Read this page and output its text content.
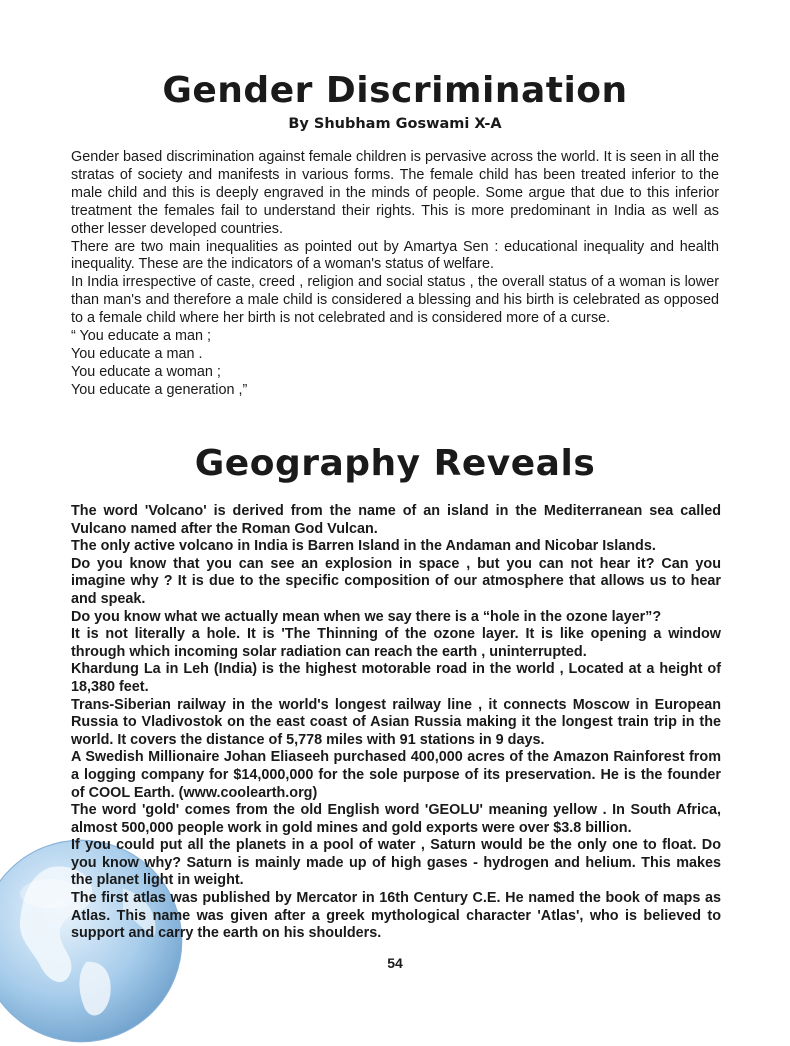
Gender Discrimination
By Shubham Goswami X-A

Gender based discrimination against female children is pervasive across the world. It is seen in all the stratas of society and manifests in various forms. The female child has been treated inferior to the male child and this is deeply engraved in the minds of people. Some argue that due to this inferior treatment the females fail to understand their rights. This is more predominant in India as well as other lesser developed countries.

There are two main inequalities as pointed out by Amartya Sen : educational inequality and health inequality. These are the indicators of a woman's status of welfare.

In India irrespective of caste, creed , religion and social status , the overall status of a woman is lower than man's and therefore a male child is considered a blessing and his birth is celebrated as opposed to a female child where her birth is not celebrated and is considered more of a curse.

“ You educate a man ;

You educate a man .

You educate a woman ;

You educate a generation ,”

Geography Reveals

The word 'Volcano' is derived from the name of an island in the Mediterranean sea called Vulcano named after the Roman God Vulcan.

The only active volcano in India is Barren Island in the Andaman and Nicobar Islands.

Do you know that you can see an explosion in space , but you can not hear it? Can you imagine why ? It is due to the specific composition of our atmosphere that allows us to hear and speak.

Do you know what we actually mean when we say there is a “hole in the ozone layer”?

It is not literally a hole. It is 'The Thinning of the ozone layer. It is like opening a window through which incoming solar radiation can reach the earth , uninterrupted.

Khardung La in Leh (India) is the highest motorable road in the world , Located at a height of 18,380 feet.

Trans-Siberian railway in the world's longest railway line , it connects Moscow in European Russia to Vladivostok on the east coast of Asian Russia making it the longest train trip in the world. It covers the distance of 5,778 miles with 91 stations in 9 days.

A Swedish Millionaire Johan Eliaseeh purchased 400,000 acres of the Amazon Rainforest from a logging company for $14,000,000 for the sole purpose of its preservation. He is the founder of COOL Earth. (www.coolearth.org)

The word 'gold' comes from the old English word 'GEOLU' meaning yellow . In South Africa, almost 500,000 people work in gold mines and gold exports were over $3.8 billion.

If you could put all the planets in a pool of water , Saturn would be the only one to float. Do you know why? Saturn is mainly made up of high gases - hydrogen and helium. This makes the planet light in weight.

The first atlas was published by Mercator in 16th Century C.E. He named the book of maps as Atlas. This name was given after a greek mythological character 'Atlas', who is believed to support and carry the earth on his shoulders.

54
